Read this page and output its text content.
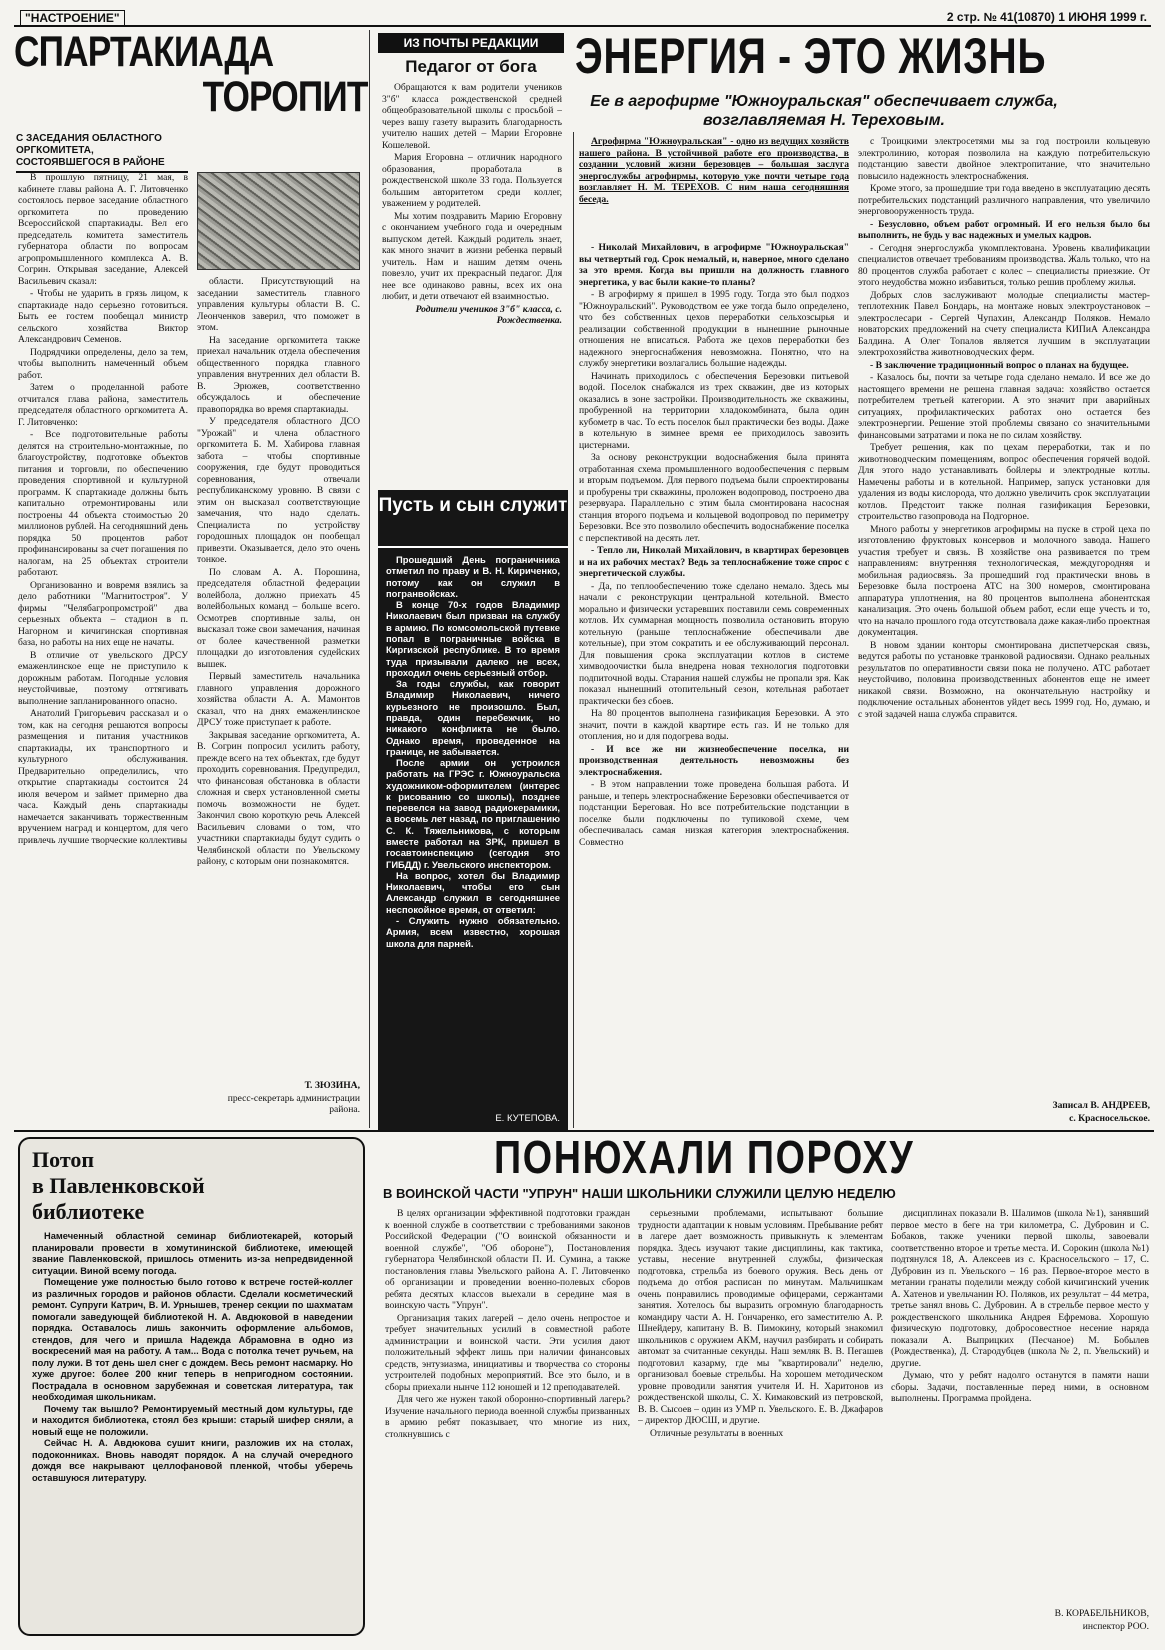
"НАСТРОЕНИЕ"	2 стр. № 41(10870) 1 ИЮНЯ 1999 г.
СПАРТАКИАДА
ТОРОПИТ
С ЗАСЕДАНИЯ ОБЛАСТНОГО ОРГКОМИТЕТА, СОСТОЯВШЕГОСЯ В РАЙОНЕ

В прошлую пятницу, 21 мая, в кабинете главы района А. Г. Литовченко состоялось первое заседание областного оргкомитета по проведению Всероссийской спартакиады. Вел его председатель комитета заместитель губернатора области по вопросам агропромышленного комплекса А. В. Согрин. Открывая заседание, Алексей Васильевич сказал:

- Чтобы не ударить в грязь лицом, к спартакиаде надо серьезно готовиться. Быть ее гостем пообещал министр сельского хозяйства Виктор Александрович Семенов.

Подрядчики определены, дело за тем, чтобы выполнить намеченный объем работ.

Затем о проделанной работе отчитался глава района, заместитель председателя областного оргкомитета А. Г. Литовченко:

- Все подготовительные работы делятся на строительно-монтажные, по благоустройству, подготовке объектов питания и торговли, по обеспечению проведения спортивной и культурной программ. К спартакиаде должны быть капитально отремонтированы или построены 44 объекта стоимостью 20 миллионов рублей. На сегодняшний день порядка 50 процентов работ профинансированы за счет погашения по налогам, на 25 объектах строители работают.

Организованно и вовремя взялись за дело работники "Магнитостроя". У фирмы "Челябагропромстрой" два серьезных объекта – стадион в п. Нагорном и кичигинская спортивная база, но работы на них еще не начаты.

В отличие от увельского ДРСУ емаженлинское еще не приступило к дорожным работам. Погодные условия неустойчивые, поэтому оттягивать выполнение запланированного опасно.

Анатолий Григорьевич рассказал и о том, как на сегодня решаются вопросы размещения и питания участников спартакиады, их транспортного и культурного обслуживания. Предварительно определились, что открытие спартакиады состоится 24 июля вечером и займет примерно два часа. Каждый день спартакиады намечается заканчивать торжественным вручением наград и концертом, для чего привлечь лучшие творческие коллективы

области. Присутствующий на заседании заместитель главного управления культуры области В. С. Леонченков заверил, что поможет в этом.

На заседание оргкомитета также приехал начальник отдела обеспечения общественного порядка главного управления внутренних дел области В. В. Эрюжев, соответственно обсуждалось и обеспечение правопорядка во время спартакиады.

У председателя областного ДСО "Урожай" и члена областного оргкомитета Б. М. Хабирова главная забота – чтобы спортивные сооружения, где будут проводиться соревнования, отвечали республиканскому уровню. В связи с этим он высказал соответствующие замечания, что надо сделать. Специалиста по устройству городошных площадок он пообещал привезти. Оказывается, дело это очень тонкое.

По словам А. А. Порошина, председателя областной федерации волейбола, должно приехать 45 волейбольных команд – больше всего. Осмотрев спортивные залы, он высказал тоже свои замечания, начиная от более качественной разметки площадки до изготовления судейских вышек.

Первый заместитель начальника главного управления дорожного хозяйства области А. А. Мамонтов сказал, что на днях емаженлинское ДРСУ тоже приступает к работе.

Закрывая заседание оргкомитета, А. В. Согрин попросил усилить работу, прежде всего на тех объектах, где будут проходить соревнования. Предупредил, что финансовая обстановка в области сложная и сверх установленной сметы помочь возможности не будет. Закончил свою короткую речь Алексей Васильевич словами о том, что участники спартакиады будут судить о Челябинской области по Увельскому району, с которым они познакомятся.

Т. ЗЮЗИНА,

пресс-секретарь администрации района.

ИЗ ПОЧТЫ РЕДАКЦИИ
Педагог от бога

Обращаются к вам родители учеников 3"б" класса рождественской средней общеобразовательной школы с просьбой – через вашу газету выразить благодарность учителю наших детей – Марии Егоровне Кошелевой.

Мария Егоровна – отличник народного образования, проработала в рождественской школе 33 года. Пользуется большим авторитетом среди коллег, уважением у родителей.

Мы хотим поздравить Марию Егоровну с окончанием учебного года и очередным выпуском детей. Каждый родитель знает, как много значит в жизни ребенка первый учитель. Нам и нашим детям очень повезло, учит их прекрасный педагог. Для нее все одинаково равны, всех их она любит, и дети отвечают ей взаимностью.

Родители учеников 3"б" класса, с. Рождественка.

Пусть и сын служит

Прошедший День пограничника отметил по праву и В. Н. Кириченко, потому как он служил в погранвойсках.

В конце 70-х годов Владимир Николаевич был призван на службу в армию. По комсомольской путевке попал в пограничные войска в Киргизской республике. В то время туда призывали далеко не всех, проходил очень серьезный отбор.

За годы службы, как говорит Владимир Николаевич, ничего курьезного не произошло. Был, правда, один перебежчик, но никакого конфликта не было. Однако время, проведенное на границе, не забывается.

После армии он устроился работать на ГРЭС г. Южноуральска художником-оформителем (интерес к рисованию со школы), позднее перевелся на завод радиокерамики, а восемь лет назад, по приглашению С. К. Тяжельникова, с которым вместе работал на ЗРК, пришел в госавтоинспекцию (сегодня это ГИБДД) г. Увельского инспектором.

На вопрос, хотел бы Владимир Николаевич, чтобы его сын Александр служил в сегодняшнее неспокойное время, от ответил:

- Служить нужно обязательно. Армия, всем известно, хорошая школа для парней.

Е. КУТЕПОВА.
ЭНЕРГИЯ - ЭТО ЖИЗНЬ
Ее в агрофирме "Южноуральская" обеспечивает служба, возглавляемая Н. Тереховым.

Агрофирма "Южноуральская" - одно из ведущих хозяйств нашего района. В устойчивой работе его производства, в создании условий жизни березовцев – большая заслуга энергослужбы агрофирмы, которую уже почти четыре года возглавляет Н. М. ТЕРЕХОВ. С ним наша сегодняшняя беседа.

- Николай Михайлович, в агрофирме "Южноуральская" вы четвертый год. Срок немалый, и, наверное, много сделано за это время. Когда вы пришли на должность главного энергетика, у вас были какие-то планы?

- В агрофирму я пришел в 1995 году. Тогда это был подхоз "Южноуральский". Руководством ее уже тогда было определено, что без собственных цехов переработки сельхозсырья и реализации собственной продукции в нынешние рыночные отношения не вписаться. Работа же цехов переработки без надежного энергоснабжения невозможна. Понятно, что на службу энергетики возлагались большие надежды.

Начинать приходилось с обеспечения Березовки питьевой водой. Поселок снабжался из трех скважин, две из которых оказались в зоне застройки. Производительность же скважины, пробуренной на территории хладокомбината, была один кубометр в час. То есть поселок был практически без воды. Даже в котельную в зимнее время ее приходилось завозить цистернами.

За основу реконструкции водоснабжения была принята отработанная схема промышленного водообеспечения с первым и вторым подъемом. Для первого подъема были спроектированы и пробурены три скважины, проложен водопровод, построено два резервуара. Параллельно с этим была смонтирована насосная станция второго подъема и кольцевой водопровод по периметру Березовки. Все это позволило обеспечить водоснабжение поселка с перспективой на десять лет.

- Тепло ли, Николай Михайлович, в квартирах березовцев и на их рабочих местах? Ведь за теплоснабжение тоже спрос с энергетической службы.

- Да, по теплообеспечению тоже сделано немало. Здесь мы начали с реконструкции центральной котельной. Вместо морально и физически устаревших поставили семь современных котлов. Их суммарная мощность позволила остановить вторую котельную (раньше теплоснабжение обеспечивали две котельные), при этом сократить и ее обслуживающий персонал. Для повышения срока эксплуатации котлов в системе химводоочистки была внедрена новая технология подготовки подпиточной воды. Старания нашей службы не пропали зря. Как показал нынешний отопительный сезон, котельная работает практически без сбоев.

На 80 процентов выполнена газификация Березовки. А это значит, почти в каждой квартире есть газ. И не только для отопления, но и для подогрева воды.

- И все же ни жизнеобеспечение поселка, ни производственная деятельность невозможны без электроснабжения.

- В этом направлении тоже проведена большая работа. И раньше, и теперь электроснабжение Березовки обеспечивается от подстанции Береговая. Но все потребительские подстанции в поселке были подключены по тупиковой схеме, чем обеспечивалась самая низкая категория электроснабжения. Совместно

с Троицкими электросетями мы за год построили кольцевую электролинию, которая позволила на каждую потребительскую подстанцию завести двойное электропитание, что значительно повысило надежность электроснабжения.

Кроме этого, за прошедшие три года введено в эксплуатацию десять потребительских подстанций различного направления, что увеличило энерговооруженность труда.

- Безусловно, объем работ огромный. И его нельзя было бы выполнить, не будь у вас надежных и умелых кадров.

- Сегодня энергослужба укомплектована. Уровень квалификации специалистов отвечает требованиям производства. Жаль только, что на 80 процентов служба работает с колес – специалисты приезжие. От этого неудобства можно избавиться, только решив проблему жилья.

Добрых слов заслуживают молодые специалисты мастер-теплотехник Павел Бондарь, на монтаже новых электроустановок – электрослесари - Сергей Чупахин, Александр Поляков. Немало новаторских предложений на счету специалиста КИПиА Александра Балдина. А Олег Топалов является лучшим в эксплуатации электрохозяйства животноводческих ферм.

- В заключение традиционный вопрос о планах на будущее.

- Казалось бы, почти за четыре года сделано немало. И все же до настоящего времени не решена главная задача: хозяйство остается потребителем третьей категории. А это значит при аварийных ситуациях, профилактических работах оно остается без электроэнергии. Решение этой проблемы связано со значительными финансовыми затратами и пока не по силам хозяйству.

Требует решения, как по цехам переработки, так и по животноводческим помещениям, вопрос обеспечения горячей водой. Для этого надо устанавливать бойлеры и электродные котлы. Намечены работы и в котельной. Например, запуск установки для удаления из воды кислорода, что должно увеличить срок эксплуатации котлов. Предстоит также полная газификация Березовки, строительство газопровода на Подгорное.

Много работы у энергетиков агрофирмы на пуске в строй цеха по изготовлению фруктовых консервов и молочного завода. Нашего участия требует и связь. В хозяйстве она развивается по трем направлениям: внутренняя технологическая, междугородняя и мобильная радиосвязь. За прошедший год практически вновь в Березовке была построена АТС на 300 номеров, смонтирована аппаратура уплотнения, на 80 процентов выполнена абонентская канализация. Это очень большой объем работ, если еще учесть и то, что на начало прошлого года отсутствовала даже какая-либо проектная документация.

В новом здании конторы смонтирована диспетчерская связь, ведутся работы по установке транковой радиосвязи. Однако реальных результатов по оперативности связи пока не получено. АТС работает неустойчиво, половина производственных абонентов еще не имеет никакой связи. Возможно, на окончательную настройку и подключение остальных абонентов уйдет весь 1999 год. Но, думаю, и с этой задачей наша служба справится.

Записал В. АНДРЕЕВ,

с. Красносельское.

Потоп
в Павленковской
библиотеке

Намеченный областной семинар библиотекарей, который планировали провести в хомутининской библиотеке, имеющей звание Павленковской, пришлось отменить из-за непредвиденной ситуации. Виной всему погода.

Помещение уже полностью было готово к встрече гостей-коллег из различных городов и районов области. Сделали косметический ремонт. Супруги Катрич, В. И. Урнышев, тренер секции по шахматам помогали заведующей библиотекой Н. А. Авдюковой в наведении порядка. Оставалось лишь закончить оформление альбомов, стендов, для чего и пришла Надежда Абрамовна в одно из воскресений мая на работу. А там... Вода с потолка течет ручьем, на полу лужи. В тот день шел снег с дождем. Весь ремонт насмарку. Но хуже другое: более 200 книг теперь в непригодном состоянии. Пострадала в основном зарубежная и советская литература, так необходимая школьникам.

Почему так вышло? Ремонтируемый местный дом культуры, где и находится библиотека, стоял без крыши: старый шифер сняли, а новый еще не положили.

Сейчас Н. А. Авдюкова сушит книги, разложив их на столах, подоконниках. Вновь наводят порядок. А на случай очередного дождя все накрывают целлофановой пленкой, чтобы уберечь оставшуюся литературу.

ПОНЮХАЛИ ПОРОХУ
В ВОИНСКОЙ ЧАСТИ "УПРУН" НАШИ ШКОЛЬНИКИ СЛУЖИЛИ ЦЕЛУЮ НЕДЕЛЮ

В целях организации эффективной подготовки граждан к военной службе в соответствии с требованиями законов Российской Федерации ("О воинской обязанности и военной службе", "Об обороне"), Постановления губернатора Челябинской области П. И. Сумина, а также постановления главы Увельского района А. Г. Литовченко об организации и проведении военно-полевых сборов ребята десятых классов выехали в середине мая в воинскую часть "Упрун".

Организация таких лагерей – дело очень непростое и требует значительных усилий в совместной работе администрации и воинской части. Эти усилия дают положительный эффект лишь при наличии финансовых средств, энтузиазма, инициативы и творчества со стороны устроителей подобных мероприятий. Все это было, и в сборы приехали нынче 112 юношей и 12 преподавателей.

Для чего же нужен такой оборонно-спортивный лагерь? Изучение начального периода военной службы призванных в армию ребят показывает, что многие из них, столкнувшись с

серьезными проблемами, испытывают большие трудности адаптации к новым условиям. Пребывание ребят в лагере дает возможность привыкнуть к элементам порядка. Здесь изучают такие дисциплины, как тактика, уставы, несение внутренней службы, физическая подготовка, стрельба из боевого оружия. Весь день от подъема до отбоя расписан по минутам. Мальчишкам очень понравились проводимые офицерами, сержантами занятия. Хотелось бы выразить огромную благодарность командиру части А. Н. Гончаренко, его заместителю А. Р. Шнейдеру, капитану В. В. Пимокину, который знакомил школьников с оружием АКМ, научил разбирать и собирать автомат за считанные секунды. Наш земляк В. В. Пегашев подготовил казарму, где мы "квартировали" неделю, организовал боевые стрельбы. На хорошем методическом уровне проводили занятия учителя И. Н. Харитонов из рождественской школы, С. Х. Кимаковский из петровской, В. В. Сысоев – один из УМР п. Увельского. Е. В. Джафаров – директор ДЮСШ, и другие.

Отличные результаты в военных

дисциплинах показали В. Шалимов (школа №1), занявший первое место в беге на три километра, С. Дубровин и С. Бобаков, также ученики первой школы, завоевали соответственно второе и третье места. И. Сорокин (школа №1) подтянулся 18, А. Алексеев из с. Красносельского – 17, С. Дубровин из п. Увельского – 16 раз. Первое-второе место в метании гранаты поделили между собой кичигинский ученик А. Хатенов и увельчанин Ю. Поляков, их результат – 44 метра, третье занял вновь С. Дубровин. А в стрельбе первое место у рождественского школьника Андрея Ефремова. Хорошую физическую подготовку, добросовестное несение наряда показали А. Выприцких (Песчаное) М. Бобылев (Рождественка), Д. Стародубцев (школа № 2, п. Увельский) и другие.

Думаю, что у ребят надолго останутся в памяти наши сборы. Задачи, поставленные перед ними, в основном выполнены. Программа пройдена.

В. КОРАБЕЛЬНИКОВ,

инспектор РОО.
